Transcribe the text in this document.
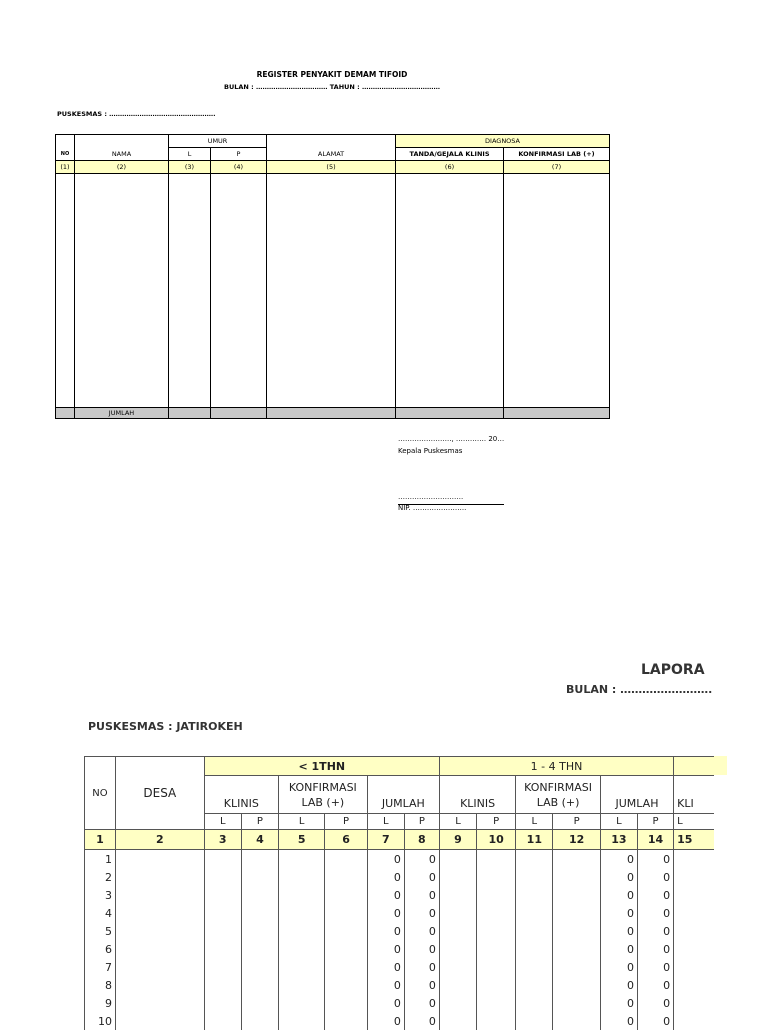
REGISTER PENYAKIT DEMAM TIFOID
BULAN : …………………………… TAHUN : ………………………………
PUSKESMAS : ………………………………………….
NO	NAMA	UMUR		ALAMAT	DIAGNOSA	
		L	P		TANDA/GEJALA KLINIS	KONFIRMASI LAB (+)
(1)	(2)	(3)	(4)	(5)	(6)	(7)

	JUMLAH					
………………….., …………. 20…
Kepala Puskesmas
……………………….
NIP. …………………..
LAPORA
BULAN : …………………….
PUSKESMAS : JATIROKEH
NO	DESA	< 1THN						1 - 4 THN						
		KLINIS		KONFIRMASI LAB (+)		JUMLAH		KLINIS		KONFIRMASI LAB (+)		JUMLAH		KLI
		L	P	L	P	L	P	L	P	L	P	L	P	L
1	2	3	4	5	6	7	8	9	10	11	12	13	14	15
1						0	0					0	0	
2						0	0					0	0	
3						0	0					0	0	
4						0	0					0	0	
5						0	0					0	0	
6						0	0					0	0	
7						0	0					0	0	
8						0	0					0	0	
9						0	0					0	0	
10						0	0					0	0	
